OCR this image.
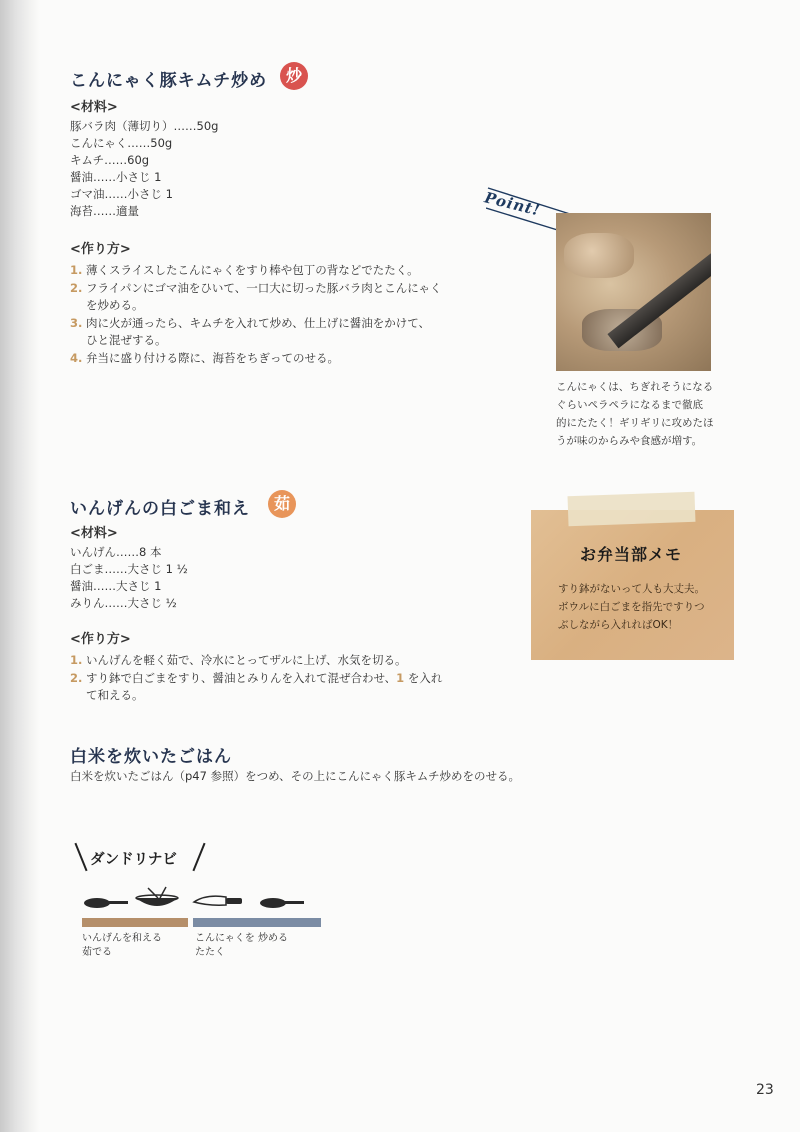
こんにゃく豚キムチ炒め	炒
<材料>
豚バラ肉（薄切り）……50g
こんにゃく……50g
キムチ……60g
醤油……小さじ 1
ゴマ油……小さじ 1
海苔……適量
<作り方>
1. 薄くスライスしたこんにゃくをすり棒や包丁の背などでたたく。
2. フライパンにゴマ油をひいて、一口大に切った豚バラ肉とこんにゃく
を炒める。
3. 肉に火が通ったら、キムチを入れて炒め、仕上げに醤油をかけて、
ひと混ぜする。
4. 弁当に盛り付ける際に、海苔をちぎってのせる。
Point!
こんにゃくは、ちぎれそうになる
ぐらいペラペラになるまで徹底
的にたたく！ギリギリに攻めたほ
うが味のからみや食感が増す。
いんげんの白ごま和え	茹
<材料>
いんげん……8 本
白ごま……大さじ 1 ½
醤油……大さじ 1
みりん……大さじ ½
<作り方>
1. いんげんを軽く茹で、冷水にとってザルに上げ、水気を切る。
2. すり鉢で白ごまをすり、醤油とみりんを入れて混ぜ合わせ、1 を入れ
て和える。
お弁当部メモ
すり鉢がないって人も大丈夫。
ボウルに白ごまを指先ですりつ
ぶしながら入れればOK！
白米を炊いたごはん
白米を炊いたごはん（p47 参照）をつめ、その上にこんにゃく豚キムチ炒めをのせる。
ダンドリナビ
いんげんを
茹でる
和える	こんにゃくを
たたく
炒める
23
